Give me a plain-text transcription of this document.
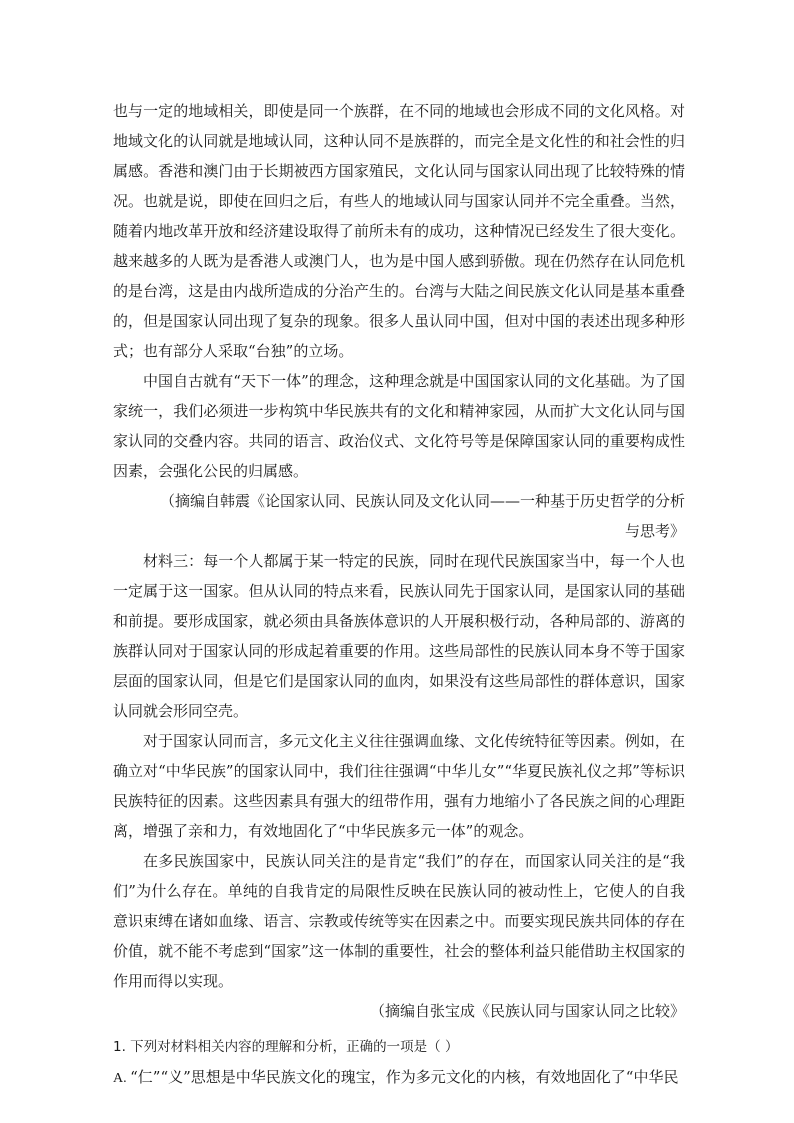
也与一定的地域相关，即使是同一个族群，在不同的地域也会形成不同的文化风格。对地域文化的认同就是地域认同，这种认同不是族群的，而完全是文化性的和社会性的归属感。香港和澳门由于长期被西方国家殖民，文化认同与国家认同出现了比较特殊的情况。也就是说，即使在回归之后，有些人的地域认同与国家认同并不完全重叠。当然，随着内地改革开放和经济建设取得了前所未有的成功，这种情况已经发生了很大变化。越来越多的人既为是香港人或澳门人，也为是中国人感到骄傲。现在仍然存在认同危机的是台湾，这是由内战所造成的分治产生的。台湾与大陆之间民族文化认同是基本重叠的，但是国家认同出现了复杂的现象。很多人虽认同中国，但对中国的表述出现多种形式；也有部分人采取“台独”的立场。

中国自古就有“天下一体”的理念，这种理念就是中国国家认同的文化基础。为了国家统一，我们必须进一步构筑中华民族共有的文化和精神家园，从而扩大文化认同与国家认同的交叠内容。共同的语言、政治仪式、文化符号等是保障国家认同的重要构成性因素，会强化公民的归属感。

（摘编自韩震《论国家认同、民族认同及文化认同——一种基于历史哲学的分析与思考》

材料三：每一个人都属于某一特定的民族，同时在现代民族国家当中，每一个人也一定属于这一国家。但从认同的特点来看，民族认同先于国家认同，是国家认同的基础和前提。要形成国家，就必须由具备族体意识的人开展积极行动，各种局部的、游离的族群认同对于国家认同的形成起着重要的作用。这些局部性的民族认同本身不等于国家层面的国家认同，但是它们是国家认同的血肉，如果没有这些局部性的群体意识，国家认同就会形同空壳。

对于国家认同而言，多元文化主义往往强调血缘、文化传统特征等因素。例如，在确立对“中华民族”的国家认同中，我们往往强调“中华儿女”“华夏民族礼仪之邦”等标识民族特征的因素。这些因素具有强大的纽带作用，强有力地缩小了各民族之间的心理距离，增强了亲和力，有效地固化了“中华民族多元一体”的观念。

在多民族国家中，民族认同关注的是肯定“我们”的存在，而国家认同关注的是“我们”为什么存在。单纯的自我肯定的局限性反映在民族认同的被动性上，它使人的自我意识束缚在诸如血缘、语言、宗教或传统等实在因素之中。而要实现民族共同体的存在价值，就不能不考虑到“国家”这一体制的重要性，社会的整体利益只能借助主权国家的作用而得以实现。

（摘编自张宝成《民族认同与国家认同之比较》

1. 下列对材料相关内容的理解和分析，正确的一项是（ ）

A. “仁”“义”思想是中华民族文化的瑰宝，作为多元文化的内核，有效地固化了“中华民
